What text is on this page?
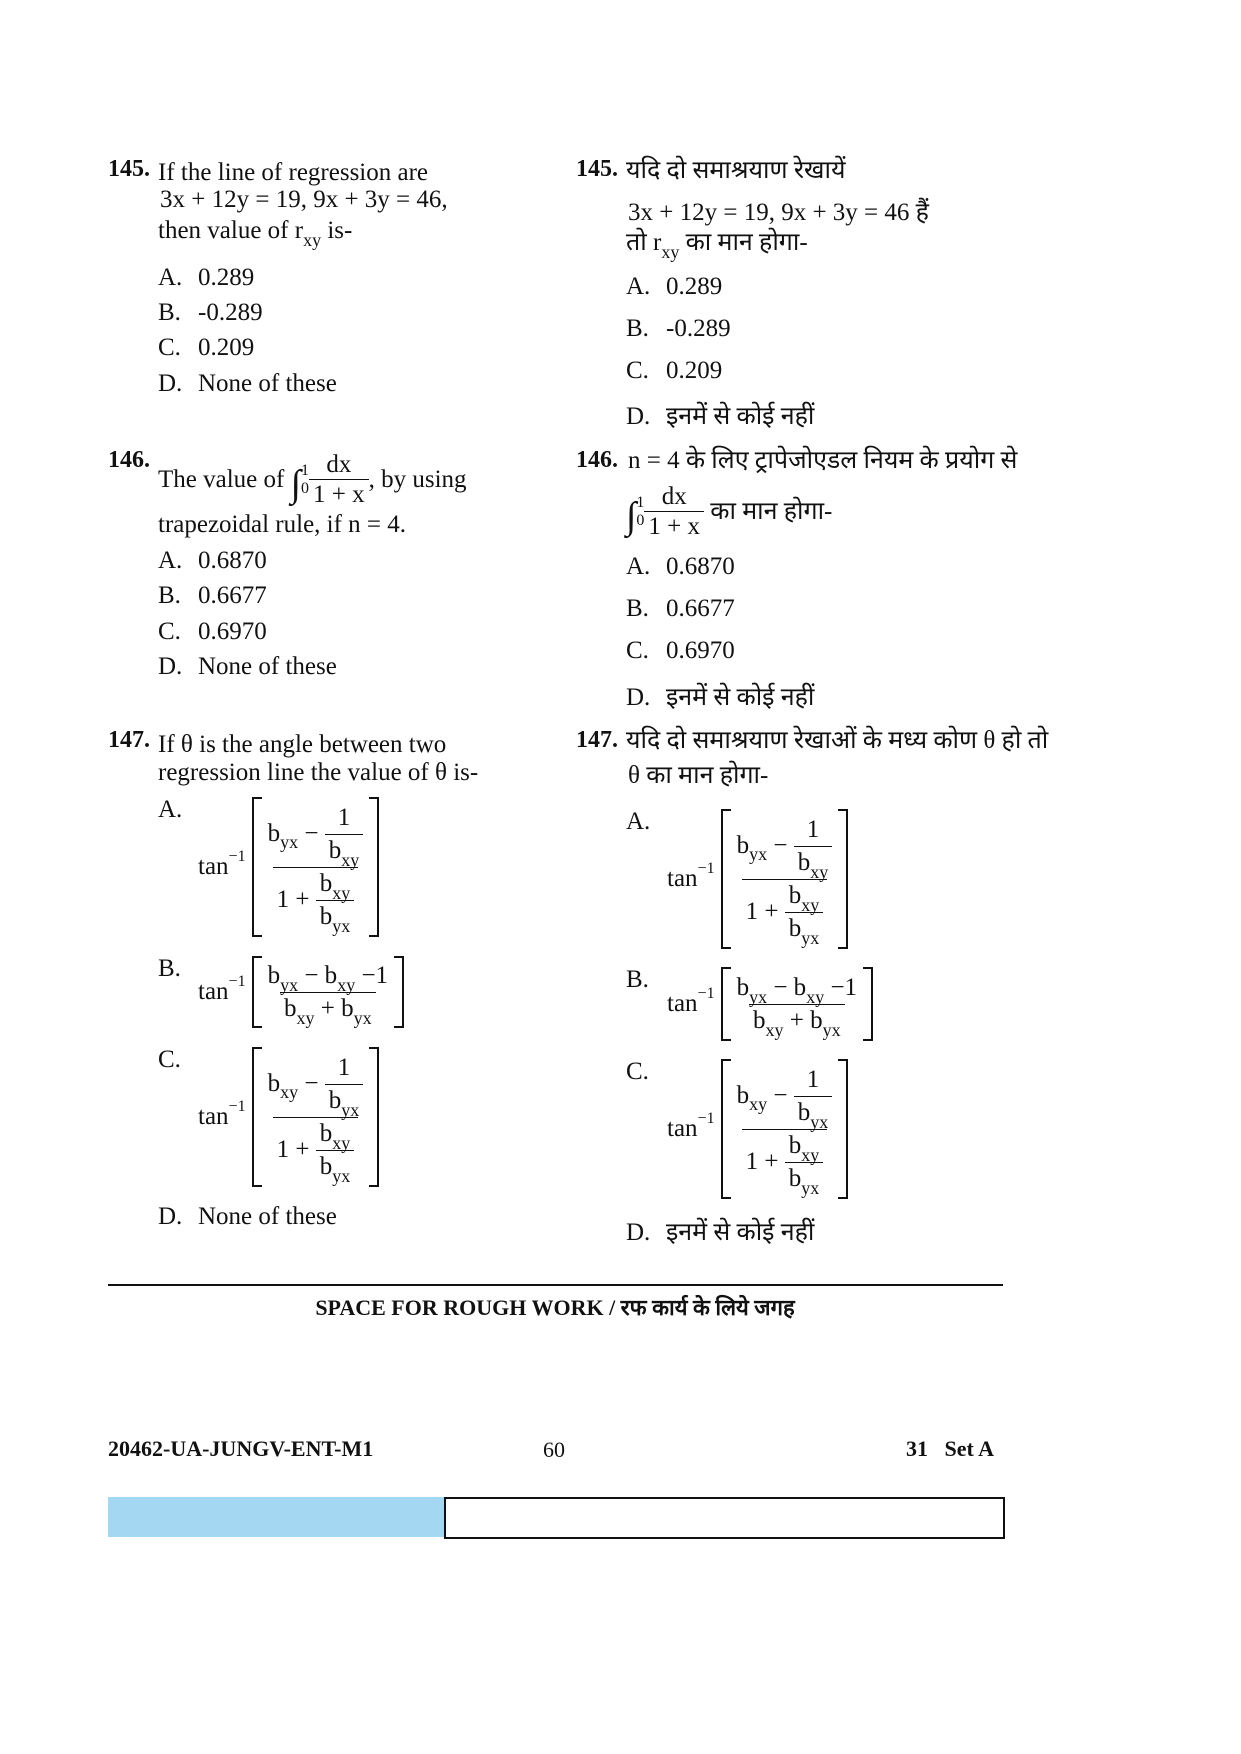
145. If the line of regression are
3x + 12y = 19, 9x + 3y = 46,
then value of $r_{xy}$ is-
A. 0.289
B. -0.289
C. 0.209
D. None of these
145. यदि दो समाश्रयाण रेखायें
3x + 12y = 19, 9x + 3y = 46 हैं
तो $r_{xy}$ का मान होगा-
A. 0.289
B. -0.289
C. 0.209
D. इनमें से कोई नहीं
146.
The value of
∫ 1
$0 \frac{dx}{1 + x}$ , by using
trapezoidal rule, if n = 4.
A. 0.6870
B. 0.6677
C. 0.6970
D. None of these
146. n = 4 के लिए ट्रापेजोएडल नियम के प्रयोग से
∫ 1
$0 \frac{dx}{1 + x}$
का मान होगा-
A. 0.6870
B. 0.6677
C. 0.6970
D. इनमें से कोई नहीं
147. If θ is the angle between two
regression line the value of θ is-
A.
tan −1 b yx
−
$\frac{1}{b_{xy}}$
1 +
$\frac{b_{xy}}{b_{yx}}$
B.
$\tan -1 \frac{b_{yx} - b_{xy} -1}{b_{xy} + b_{yx}}$
C.
tan −1 b xy
−
$\frac{1}{b_{yx}}$
1 +
$\frac{b_{xy}}{b_{yx}}$
D. None of these
147. यदि दो समाश्रयाण रेखाओं के मध्य कोण θ हो तो
θ का मान होगा-
A.
tan −1 b yx
−
$\frac{1}{b_{xy}}$
1 +
$\frac{b_{xy}}{b_{yx}}$
B.
$\tan -1 \frac{b_{yx} - b_{xy} -1}{b_{xy} + b_{yx}}$
C.
tan −1 b xy
−
$\frac{1}{b_{yx}}$
1 +
$\frac{b_{xy}}{b_{yx}}$
D. इनमें से कोई नहीं
SPACE FOR ROUGH WORK / रफ कार्य के लिये जगह
20462-UA-JUNGV-ENT-M1	60	31   Set A
